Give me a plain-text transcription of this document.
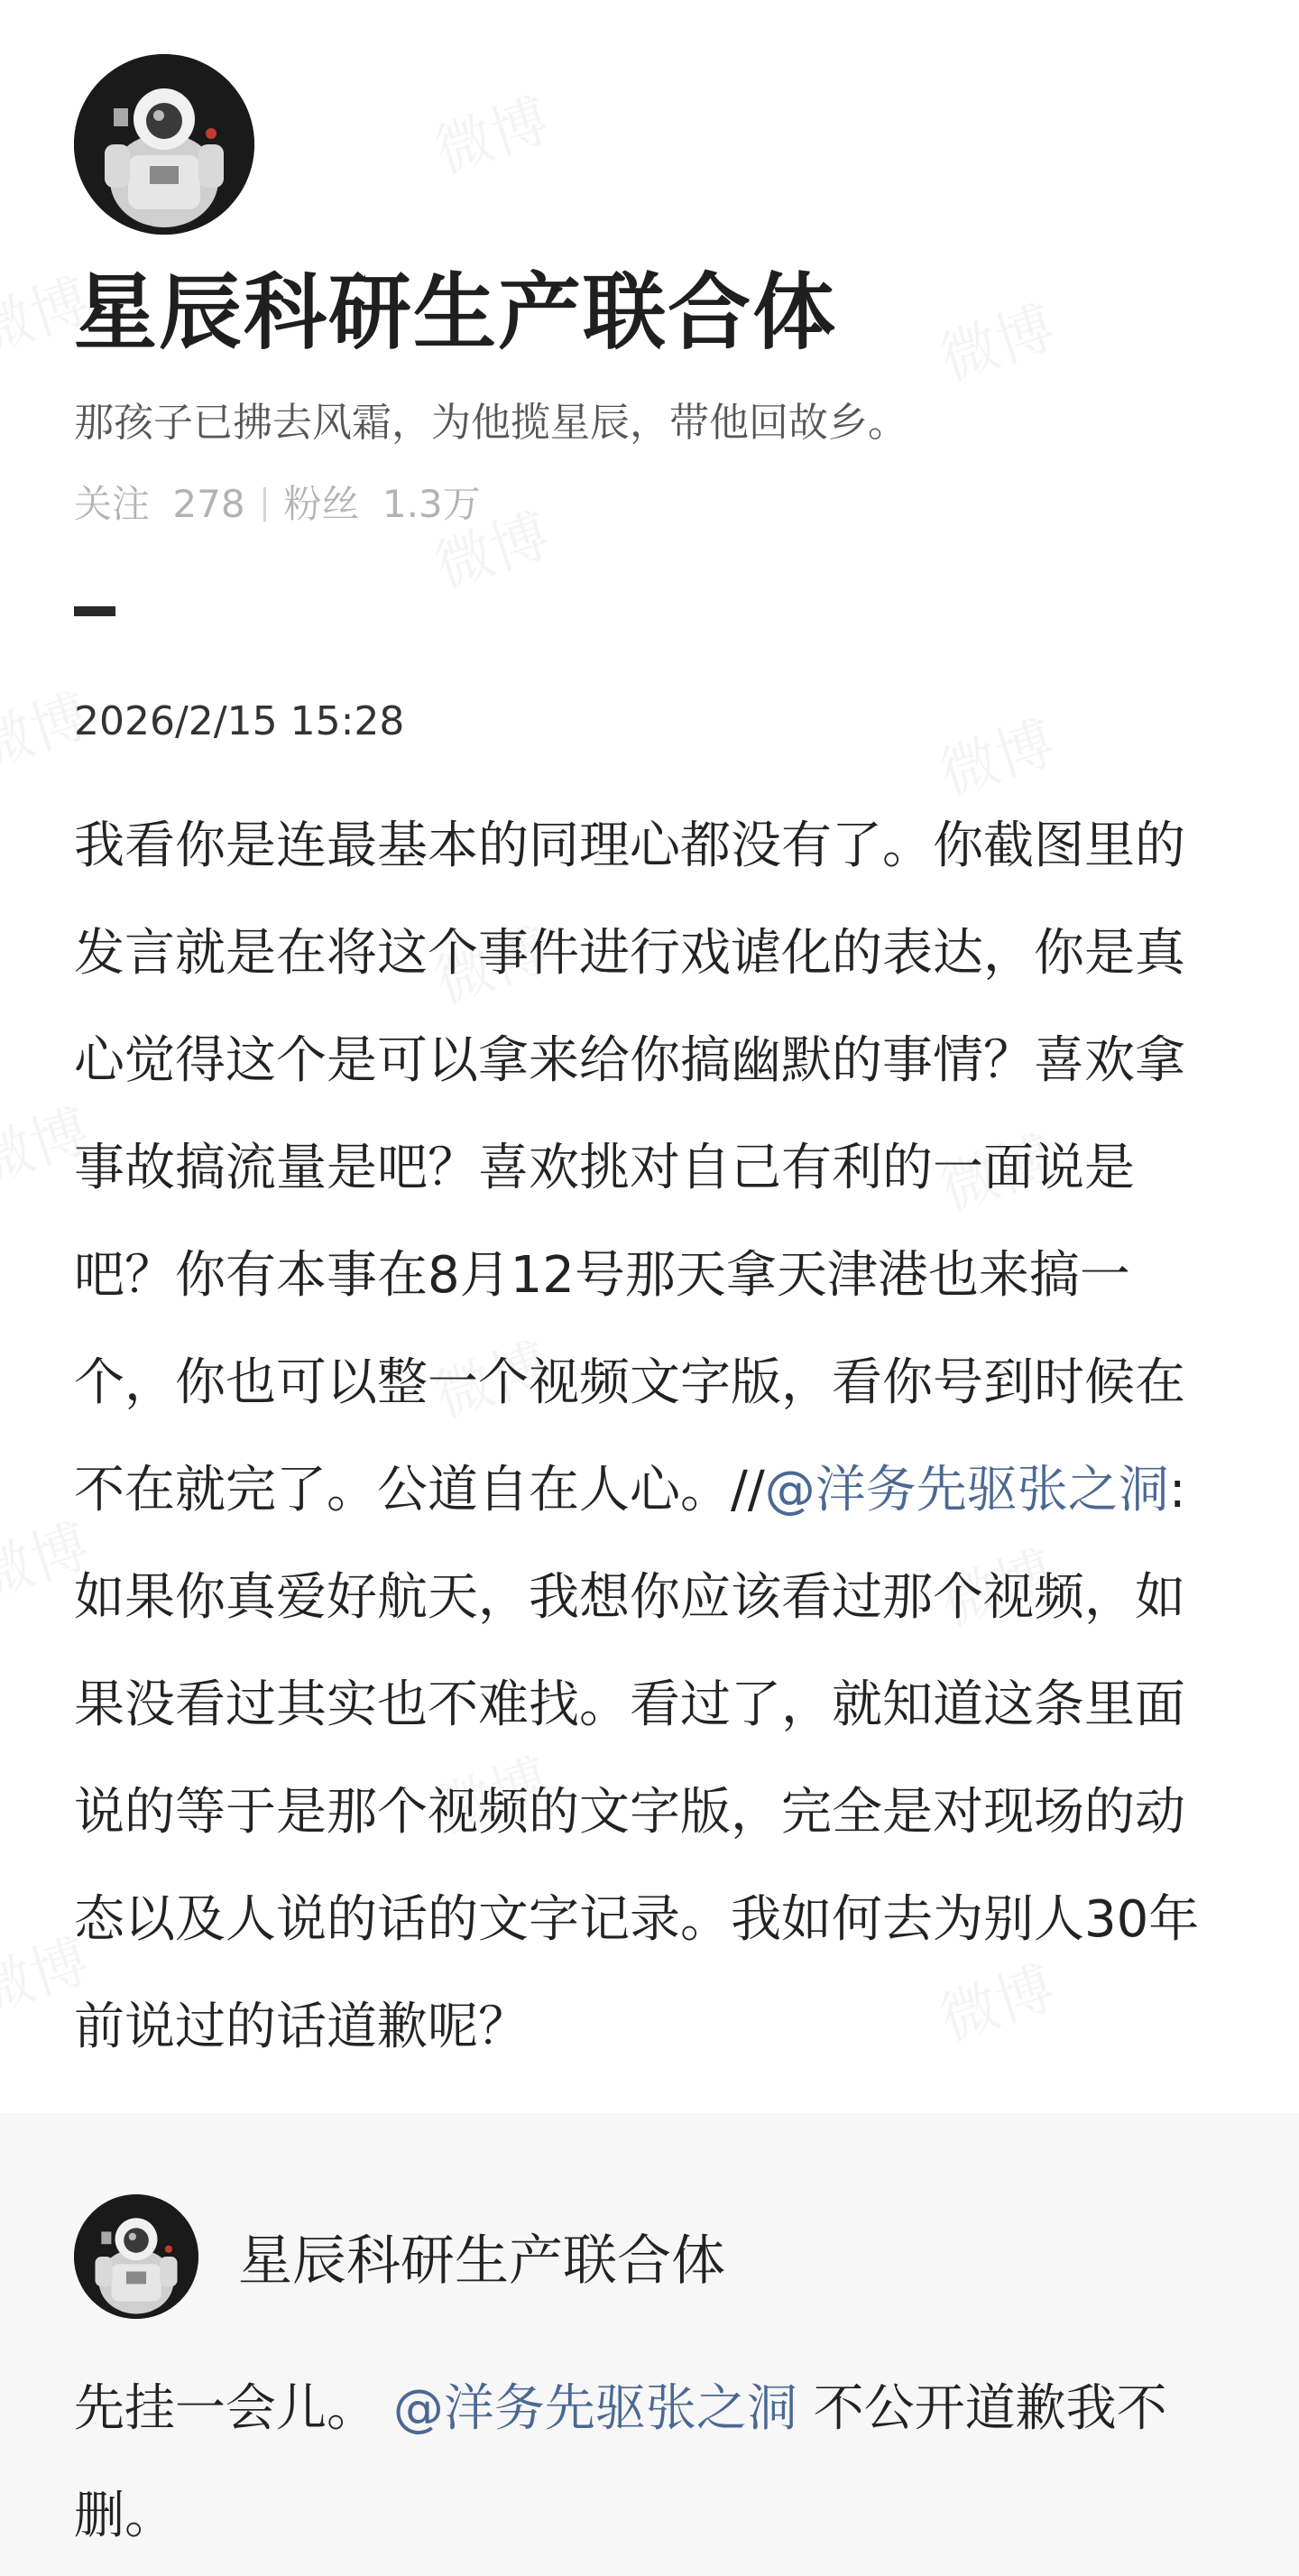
星辰科研生产联合体
那孩子已拂去风霜，为他揽星辰，带他回故乡。
关注 278 粉丝 1.3万
2026/2/15 15:28
我看你是连最基本的同理心都没有了。你截图里的发言就是在将这个事件进行戏谑化的表达，你是真心觉得这个是可以拿来给你搞幽默的事情？喜欢拿事故搞流量是吧？喜欢挑对自己有利的一面说是吧？你有本事在8月12号那天拿天津港也来搞一个，你也可以整一个视频文字版，看你号到时候在不在就完了。公道自在人心。//@洋务先驱张之洞:如果你真爱好航天，我想你应该看过那个视频，如果没看过其实也不难找。看过了，就知道这条里面说的等于是那个视频的文字版，完全是对现场的动态以及人说的话的文字记录。我如何去为别人30年前说过的话道歉呢？
星辰科研生产联合体
先挂一会儿。 @洋务先驱张之洞 不公开道歉我不删。
